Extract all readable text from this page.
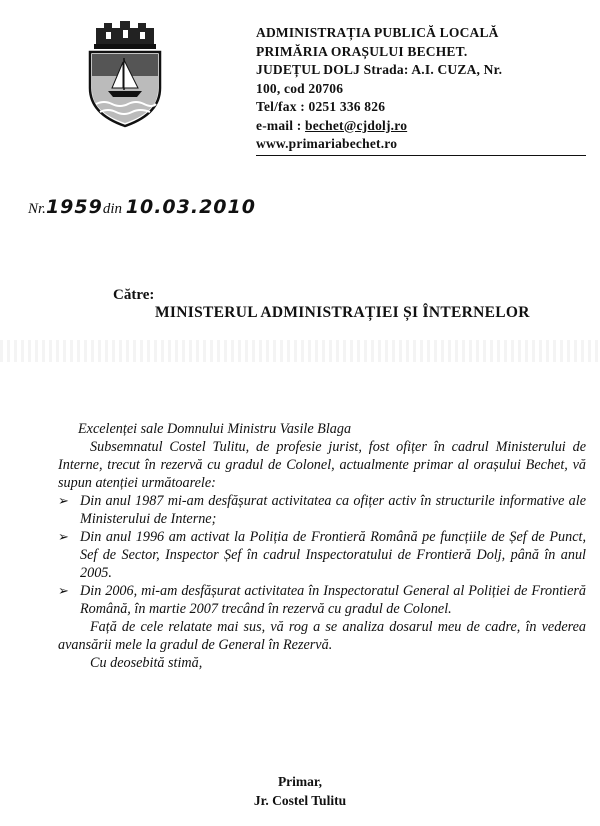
ADMINISTRAȚIA PUBLICĂ LOCALĂ
PRIMĂRIA ORAȘULUI BECHET.
JUDEȚUL DOLJ Strada: A.I. CUZA, Nr.
100, cod 20706
Tel/fax : 0251 336 826
e-mail : bechet@cjdolj.ro
www.primariabechet.ro
Nr.1959din 10.03.2010
Către:
MINISTERUL ADMINISTRAȚIEI ȘI ÎNTERNELOR

Excelenței sale Domnului Ministru Vasile Blaga

Subsemnatul Costel Tulitu, de profesie jurist, fost ofițer în cadrul Ministerului de Interne, trecut în rezervă cu gradul de Colonel, actualmente primar al orașului Bechet, vă supun atenției următoarele:

➢ Din anul 1987 mi-am desfășurat activitatea ca ofițer activ în structurile informative ale Ministerului de Interne;

➢ Din anul 1996 am activat la Poliția de Frontieră Română pe funcțiile de Șef de Punct, Sef de Sector, Inspector Șef în cadrul Inspectoratului de Frontieră Dolj, până în anul 2005.

➢ Din 2006, mi-am desfășurat activitatea în Inspectoratul General al Poliției de Frontieră Română, în martie 2007 trecând în rezervă cu gradul de Colonel.

Față de cele relatate mai sus, vă rog a se analiza dosarul meu de cadre, în vederea avansării mele la gradul de General în Rezervă.

Cu deosebită stimă,

Primar,
Jr. Costel Tulitu
